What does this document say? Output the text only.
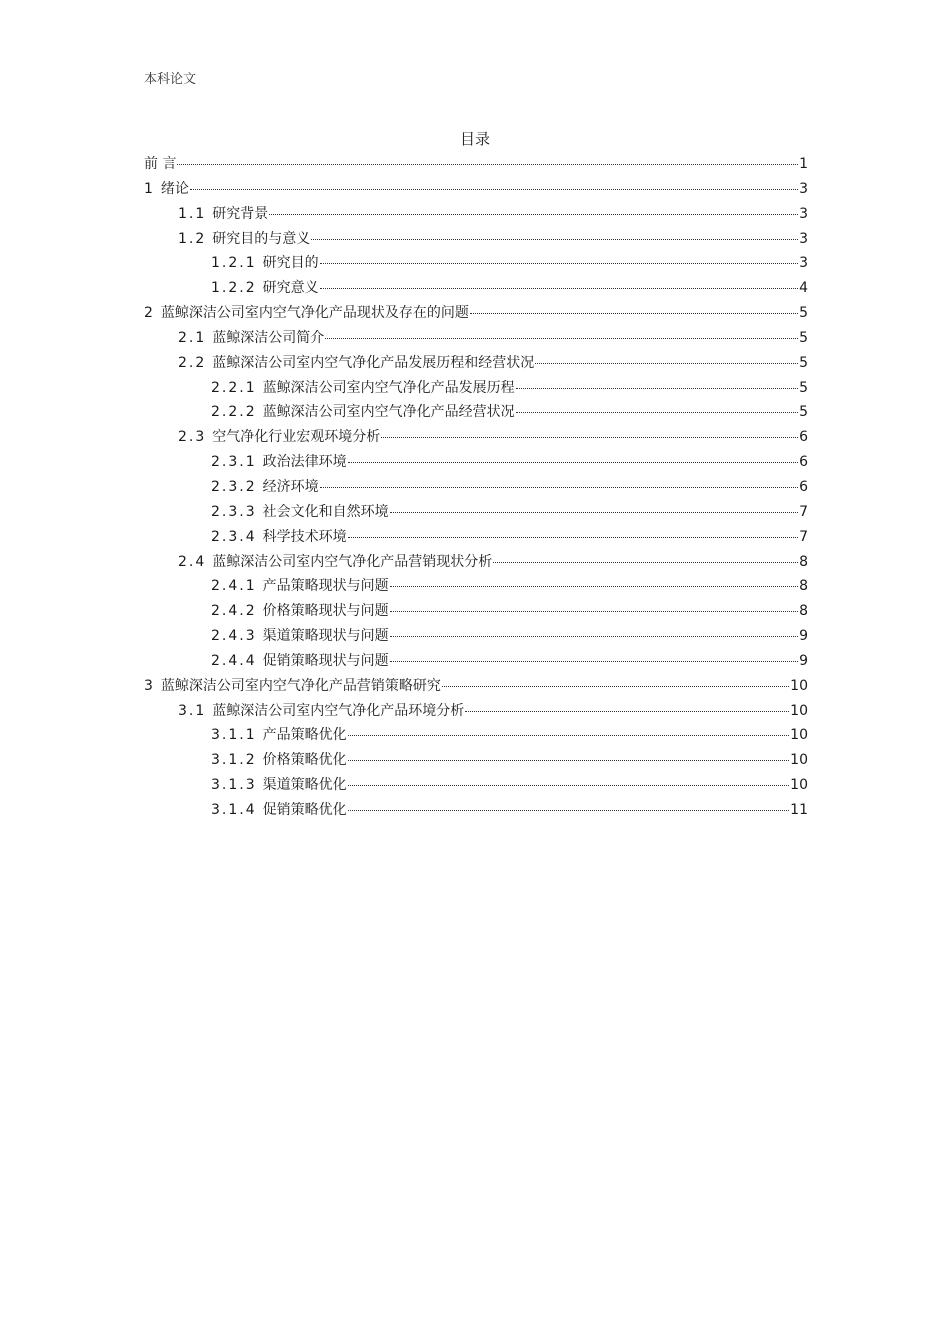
本科论文
目录
前 言	1
1 绪论	3
1.1 研究背景	3
1.2 研究目的与意义	3
1.2.1 研究目的	3
1.2.2 研究意义	4
2 蓝鲸深洁公司室内空气净化产品现状及存在的问题	5
2.1 蓝鲸深洁公司简介	5
2.2 蓝鲸深洁公司室内空气净化产品发展历程和经营状况	5
2.2.1 蓝鲸深洁公司室内空气净化产品发展历程	5
2.2.2 蓝鲸深洁公司室内空气净化产品经营状况	5
2.3 空气净化行业宏观环境分析	6
2.3.1 政治法律环境	6
2.3.2 经济环境	6
2.3.3 社会文化和自然环境	7
2.3.4 科学技术环境	7
2.4 蓝鲸深洁公司室内空气净化产品营销现状分析	8
2.4.1 产品策略现状与问题	8
2.4.2 价格策略现状与问题	8
2.4.3 渠道策略现状与问题	9
2.4.4 促销策略现状与问题	9
3 蓝鲸深洁公司室内空气净化产品营销策略研究	10
3.1 蓝鲸深洁公司室内空气净化产品环境分析	10
3.1.1 产品策略优化	10
3.1.2 价格策略优化	10
3.1.3 渠道策略优化	10
3.1.4 促销策略优化	11
